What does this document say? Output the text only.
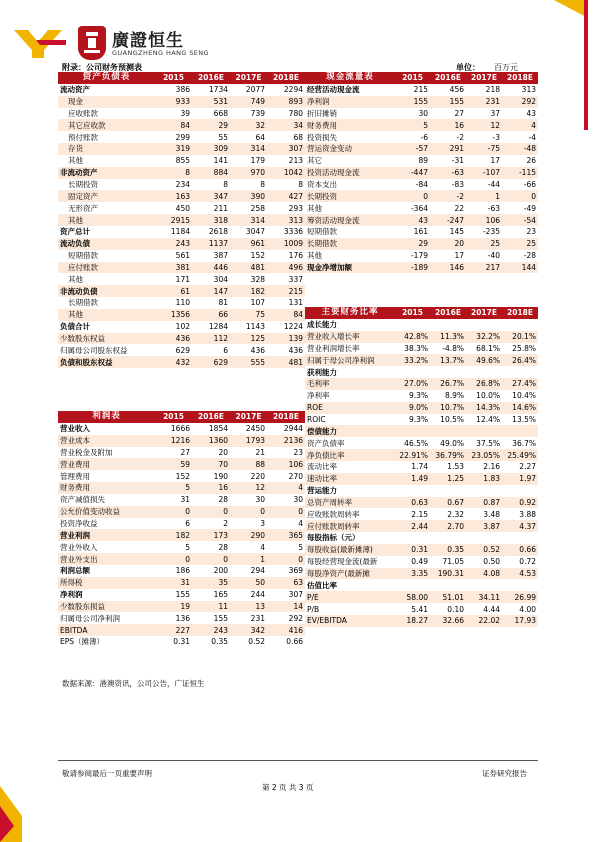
廣證恒生
GUANGZHENG HANG SENG
附录：公司财务预测表	单位： 百万元
资产负债表	2015	2016E	2017E	2018E
流动资产	386	1734	2077	2294
现金	933	531	749	893
应收账款	39	668	739	780
其它应收款	84	29	32	34
预付账款	299	55	64	68
存货	319	309	314	307
其他	855	141	179	213
非流动资产	8	884	970	1042
长期投资	234	8	8	8
固定资产	163	347	390	427
无形资产	450	211	258	293
其他	2915	318	314	313
资产总计	1184	2618	3047	3336
流动负债	243	1137	961	1009
短期借款	561	387	152	176
应付账款	381	446	481	496
其他	171	304	328	337
非流动负债	61	147	182	215
长期借款	110	81	107	131
其他	1356	66	75	84
负债合计	102	1284	1143	1224
少数股东权益	436	112	125	139
归属母公司股东权益	629	6	436	436
负债和股东权益	432	629	555	481
利润表	2015	2016E	2017E	2018E
营业收入	1666	1854	2450	2944
营业成本	1216	1360	1793	2136
营业税金及附加	27	20	21	23
营业费用	59	70	88	106
管理费用	152	190	220	270
财务费用	5	16	12	4
资产减值损失	31	28	30	30
公允价值变动收益	0	0	0	0
投资净收益	6	2	3	4
营业利润	182	173	290	365
营业外收入	5	28	4	5
营业外支出	0	0	1	0
利润总额	186	200	294	369
所得税	31	35	50	63
净利润	155	165	244	307
少数股东损益	19	11	13	14
归属母公司净利润	136	155	231	292
EBITDA	227	243	342	416
EPS（摊薄）	0.31	0.35	0.52	0.66
现金流量表	2015	2016E	2017E	2018E
经营活动现金流	215	456	218	313
净利润	155	155	231	292
折旧摊销	30	27	37	43
财务费用	5	16	12	4
投资损失	-6	-2	-3	-4
营运资金变动	-57	291	-75	-48
其它	89	-31	17	26
投资活动现金流	-447	-63	-107	-115
资本支出	-84	-83	-44	-66
长期投资	0	-2	1	0
其他	-364	22	-63	-49
筹资活动现金流	43	-247	106	-54
短期借款	161	145	-235	23
长期借款	29	20	25	25
其他	-179	17	-40	-28
现金净增加额	-189	146	217	144
主要财务比率	2015	2016E	2017E	2018E
成长能力				
营业收入增长率	42.8%	11.3%	32.2%	20.1%
营业利润增长率	38.3%	-4.8%	68.1%	25.8%
归属于母公司净利润	33.2%	13.7%	49.6%	26.4%
获利能力				
毛利率	27.0%	26.7%	26.8%	27.4%
净利率	9.3%	8.9%	10.0%	10.4%
ROE	9.0%	10.7%	14.3%	14.6%
ROIC	9.3%	10.5%	12.4%	13.5%
偿债能力				
资产负债率	46.5%	49.0%	37.5%	36.7%
净负债比率	22.91%	36.79%	23.05%	25.49%
流动比率	1.74	1.53	2.16	2.27
速动比率	1.49	1.25	1.83	1.97
营运能力				
总资产周转率	0.63	0.67	0.87	0.92
应收账款周转率	2.15	2.32	3.48	3.88
应付账款周转率	2.44	2.70	3.87	4.37
每股指标（元）				
每股收益(最新摊薄)	0.31	0.35	0.52	0.66
每股经营现金流(最新	0.49	71.05	0.50	0.72
每股净资产(最新摊	3.35	190.31	4.08	4.53
估值比率				
P/E	58.00	51.01	34.11	26.99
P/B	5.41	0.10	4.44	4.00
EV/EBITDA	18.27	32.66	22.02	17.93
数据来源：港澳资讯，公司公告，广证恒生
敬请参阅最后一页重要声明	证券研究报告
第 2 页 共 3 页
